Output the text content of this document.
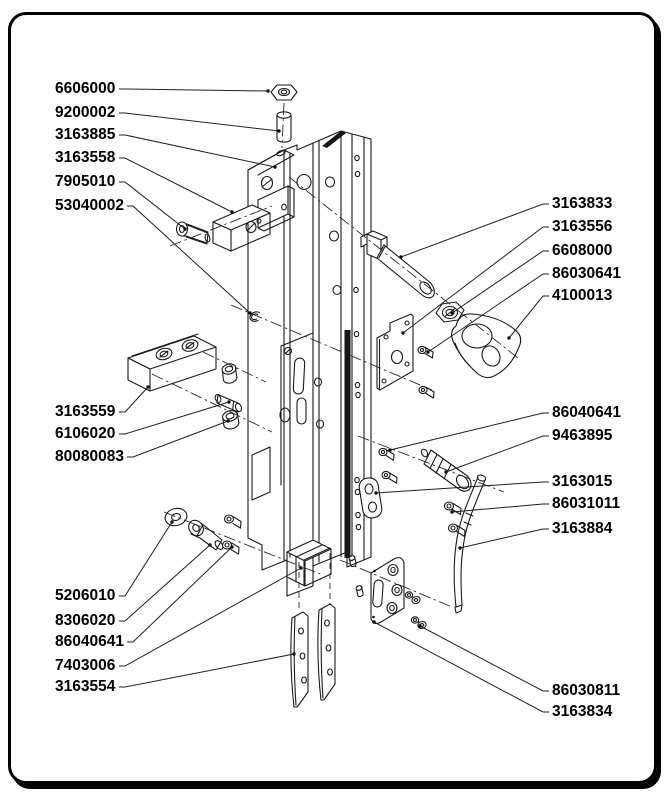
6606000
9200002
3163885
3163558
7905010
53040002
3163559
6106020
80080083
5206010
8306020
86040641
7403006
3163554
3163833
3163556
6608000
86030641
4100013
86040641
9463895
3163015
86031011
3163884
86030811
3163834
